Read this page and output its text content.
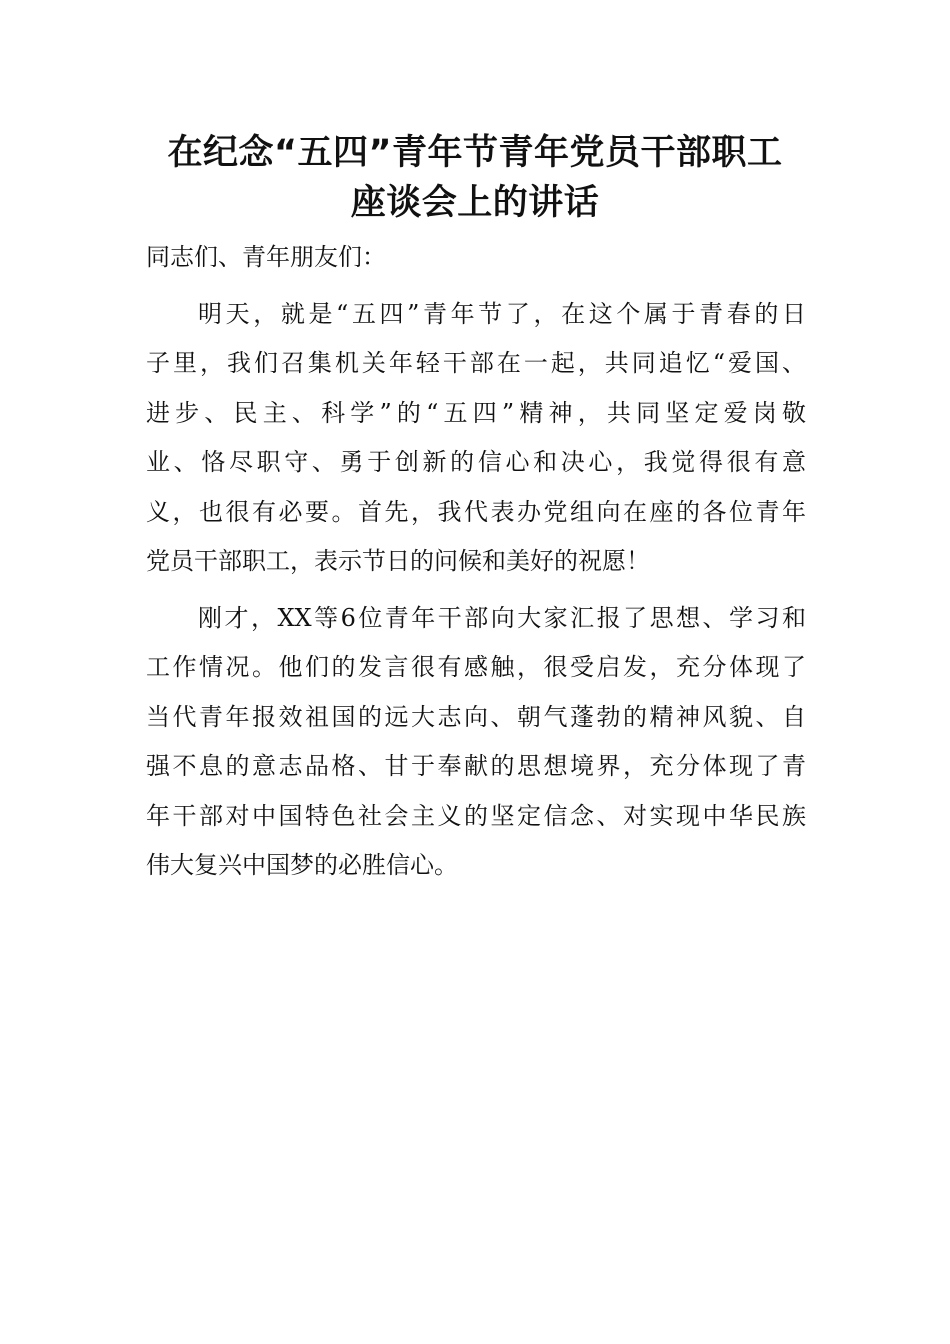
在纪念“五四”青年节青年党员干部职工
座谈会上的讲话
同志们、青年朋友们：
明天，就是“五四”青年节了，在这个属于青春的日
子里，我们召集机关年轻干部在一起，共同追忆“爱国、
进步、民主、科学”的“五四”精神，共同坚定爱岗敬
业、恪尽职守、勇于创新的信心和决心，我觉得很有意
义，也很有必要。首先，我代表办党组向在座的各位青年
党员干部职工，表示节日的问候和美好的祝愿！
刚才，XX等6位青年干部向大家汇报了思想、学习和
工作情况。他们的发言很有感触，很受启发，充分体现了
当代青年报效祖国的远大志向、朝气蓬勃的精神风貌、自
强不息的意志品格、甘于奉献的思想境界，充分体现了青
年干部对中国特色社会主义的坚定信念、对实现中华民族
伟大复兴中国梦的必胜信心。
